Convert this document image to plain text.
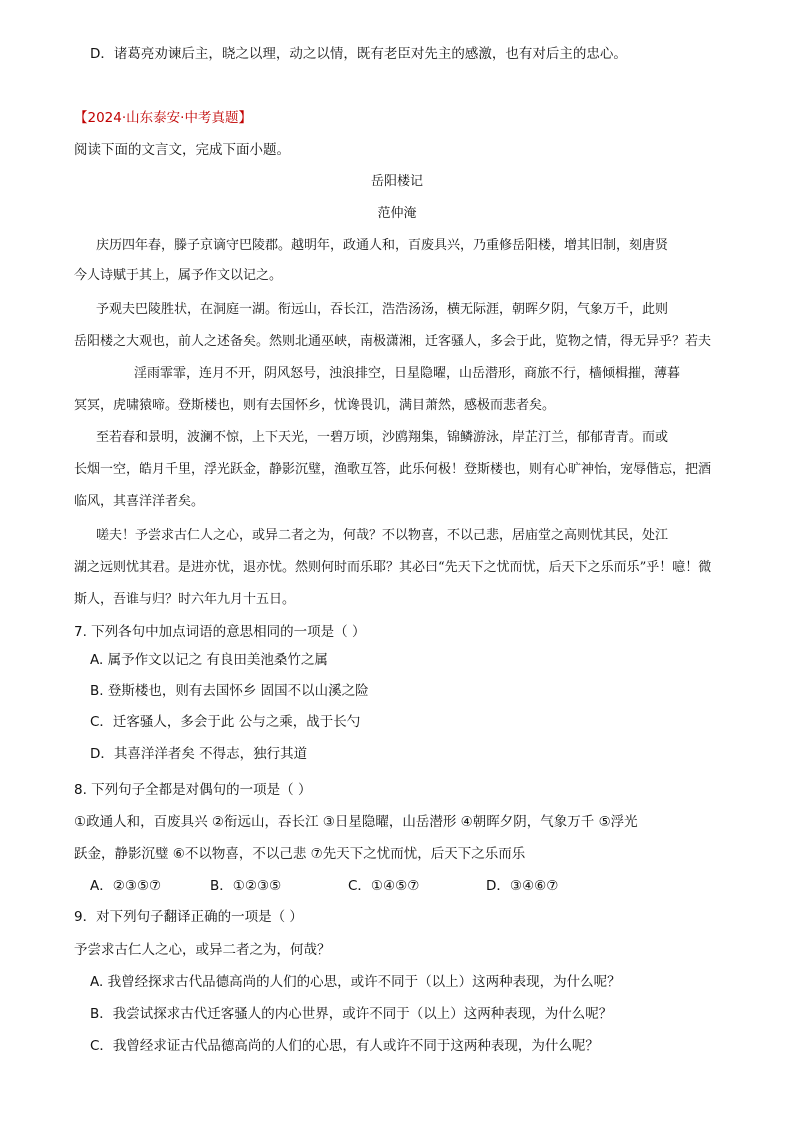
D．诸葛亮劝谏后主，晓之以理，动之以情，既有老臣对先主的感激，也有对后主的忠心。
【2024·山东泰安·中考真题】
阅读下面的文言文，完成下面小题。
岳阳楼记
范仲淹
庆历四年春，滕子京谪守巴陵郡。越明年，政通人和，百废具兴，乃重修岳阳楼，增其旧制，刻唐贤
今人诗赋于其上，属予作文以记之。
予观夫巴陵胜状，在洞庭一湖。衔远山，吞长江，浩浩汤汤，横无际涯，朝晖夕阴，气象万千，此则
岳阳楼之大观也，前人之述备矣。然则北通巫峡，南极潇湘，迁客骚人，多会于此，览物之情，得无异乎？若夫
淫雨霏霏，连月不开，阴风怒号，浊浪排空，日星隐曜，山岳潜形，商旅不行，樯倾楫摧，薄暮
冥冥，虎啸猿啼。登斯楼也，则有去国怀乡，忧谗畏讥，满目萧然，感极而悲者矣。
至若春和景明，波澜不惊，上下天光，一碧万顷，沙鸥翔集，锦鳞游泳，岸芷汀兰，郁郁青青。而或
长烟一空，皓月千里，浮光跃金，静影沉璧，渔歌互答，此乐何极！登斯楼也，则有心旷神怡，宠辱偕忘，把酒
临风，其喜洋洋者矣。
嗟夫！予尝求古仁人之心，或异二者之为，何哉？不以物喜，不以己悲，居庙堂之高则忧其民，处江
湖之远则忧其君。是进亦忧，退亦忧。然则何时而乐耶？其必曰“先天下之忧而忧，后天下之乐而乐”乎！噫！微
斯人，吾谁与归？时六年九月十五日。
7. 下列各句中加点词语的意思相同的一项是（ ）
A. 属予作文以记之 有良田美池桑竹之属
B. 登斯楼也，则有去国怀乡 固国不以山溪之险
C．迁客骚人，多会于此 公与之乘，战于长勺
D．其喜洋洋者矣 不得志，独行其道
8. 下列句子全都是对偶句的一项是（ ）
①政通人和，百废具兴 ②衔远山，吞长江 ③日星隐曜，山岳潜形 ④朝晖夕阴，气象万千 ⑤浮光
跃金，静影沉璧 ⑥不以物喜，不以己悲 ⑦先天下之忧而忧，后天下之乐而乐
A．②③⑤⑦	B．①②③⑤	C．①④⑤⑦	D．③④⑥⑦
9．对下列句子翻译正确的一项是（ ）
予尝求古仁人之心，或异二者之为，何哉？
A. 我曾经探求古代品德高尚的人们的心思，或许不同于（以上）这两种表现，为什么呢？
B．我尝试探求古代迁客骚人的内心世界，或许不同于（以上）这两种表现，为什么呢？
C．我曾经求证古代品德高尚的人们的心思，有人或许不同于这两种表现，为什么呢？
